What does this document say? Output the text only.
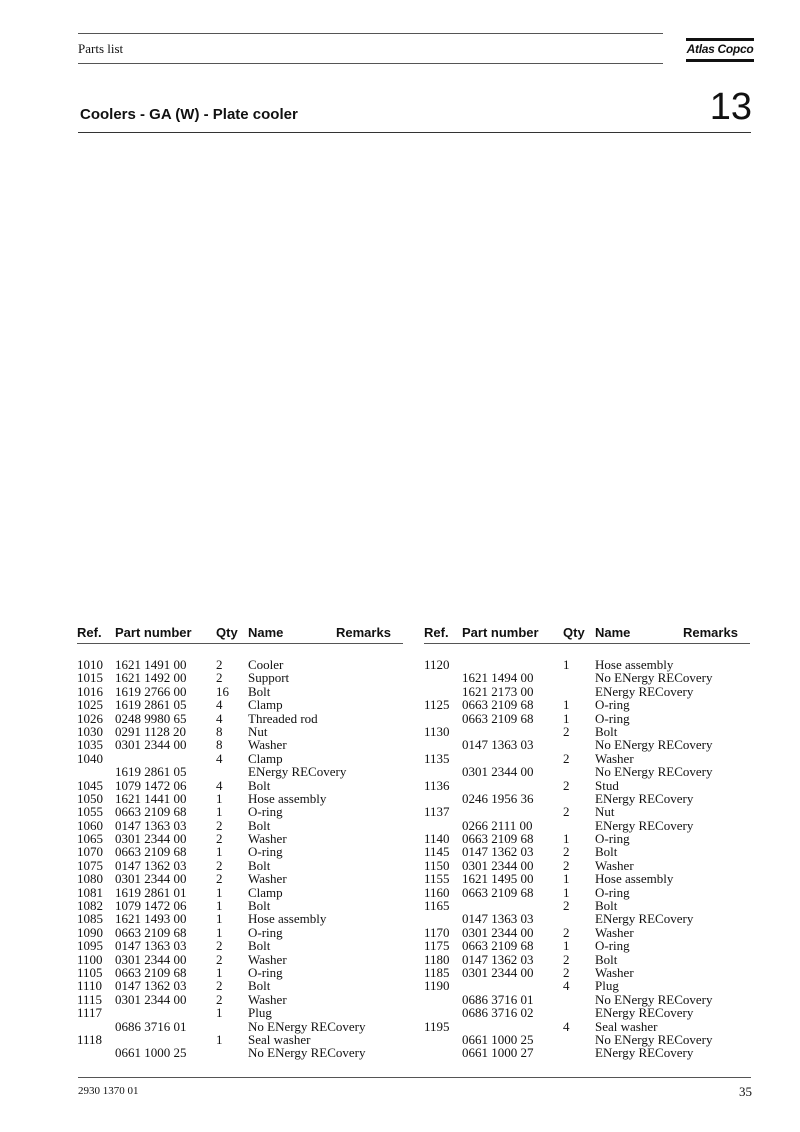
Parts list	Atlas Copco
Coolers - GA (W) - Plate cooler	13
Ref. Part number Qty Name	Remarks
1010 1621 1491 00 2 Cooler
1015 1621 1492 00 2 Support
1016 1619 2766 00 16 Bolt
1025 1619 2861 05 4 Clamp
1026 0248 9980 65 4 Threaded rod
1030 0291 1128 20 8 Nut
1035 0301 2344 00 8 Washer
1040	4 Clamp
1619 2861 05	ENergy RECovery
1045 1079 1472 06 4 Bolt
1050 1621 1441 00 1 Hose assembly
1055 0663 2109 68 1 O-ring
1060 0147 1363 03 2 Bolt
1065 0301 2344 00 2 Washer
1070 0663 2109 68 1 O-ring
1075 0147 1362 03 2 Bolt
1080 0301 2344 00 2 Washer
1081 1619 2861 01 1 Clamp
1082 1079 1472 06 1 Bolt
1085 1621 1493 00 1 Hose assembly
1090 0663 2109 68 1 O-ring
1095 0147 1363 03 2 Bolt
1100 0301 2344 00 2 Washer
1105 0663 2109 68 1 O-ring
1110 0147 1362 03 2 Bolt
1115 0301 2344 00 2 Washer
1117	1 Plug
0686 3716 01	No ENergy RECovery
1118	1 Seal washer
0661 1000 25	No ENergy RECovery
Ref. Part number Qty Name	Remarks
1120	1 Hose assembly
1621 1494 00	No ENergy RECovery
1621 2173 00	ENergy RECovery
1125 0663 2109 68 1 O-ring
0663 2109 68 1 O-ring
1130	2 Bolt
0147 1363 03	No ENergy RECovery
1135	2 Washer
0301 2344 00	No ENergy RECovery
1136	2 Stud
0246 1956 36	ENergy RECovery
1137	2 Nut
0266 2111 00	ENergy RECovery
1140 0663 2109 68 1 O-ring
1145 0147 1362 03 2 Bolt
1150 0301 2344 00 2 Washer
1155 1621 1495 00 1 Hose assembly
1160 0663 2109 68 1 O-ring
1165	2 Bolt
0147 1363 03	ENergy RECovery
1170 0301 2344 00 2 Washer
1175 0663 2109 68 1 O-ring
1180 0147 1362 03 2 Bolt
1185 0301 2344 00 2 Washer
1190	4 Plug
0686 3716 01	No ENergy RECovery
0686 3716 02	ENergy RECovery
1195	4 Seal washer
0661 1000 25	No ENergy RECovery
0661 1000 27	ENergy RECovery
2930 1370 01	35
